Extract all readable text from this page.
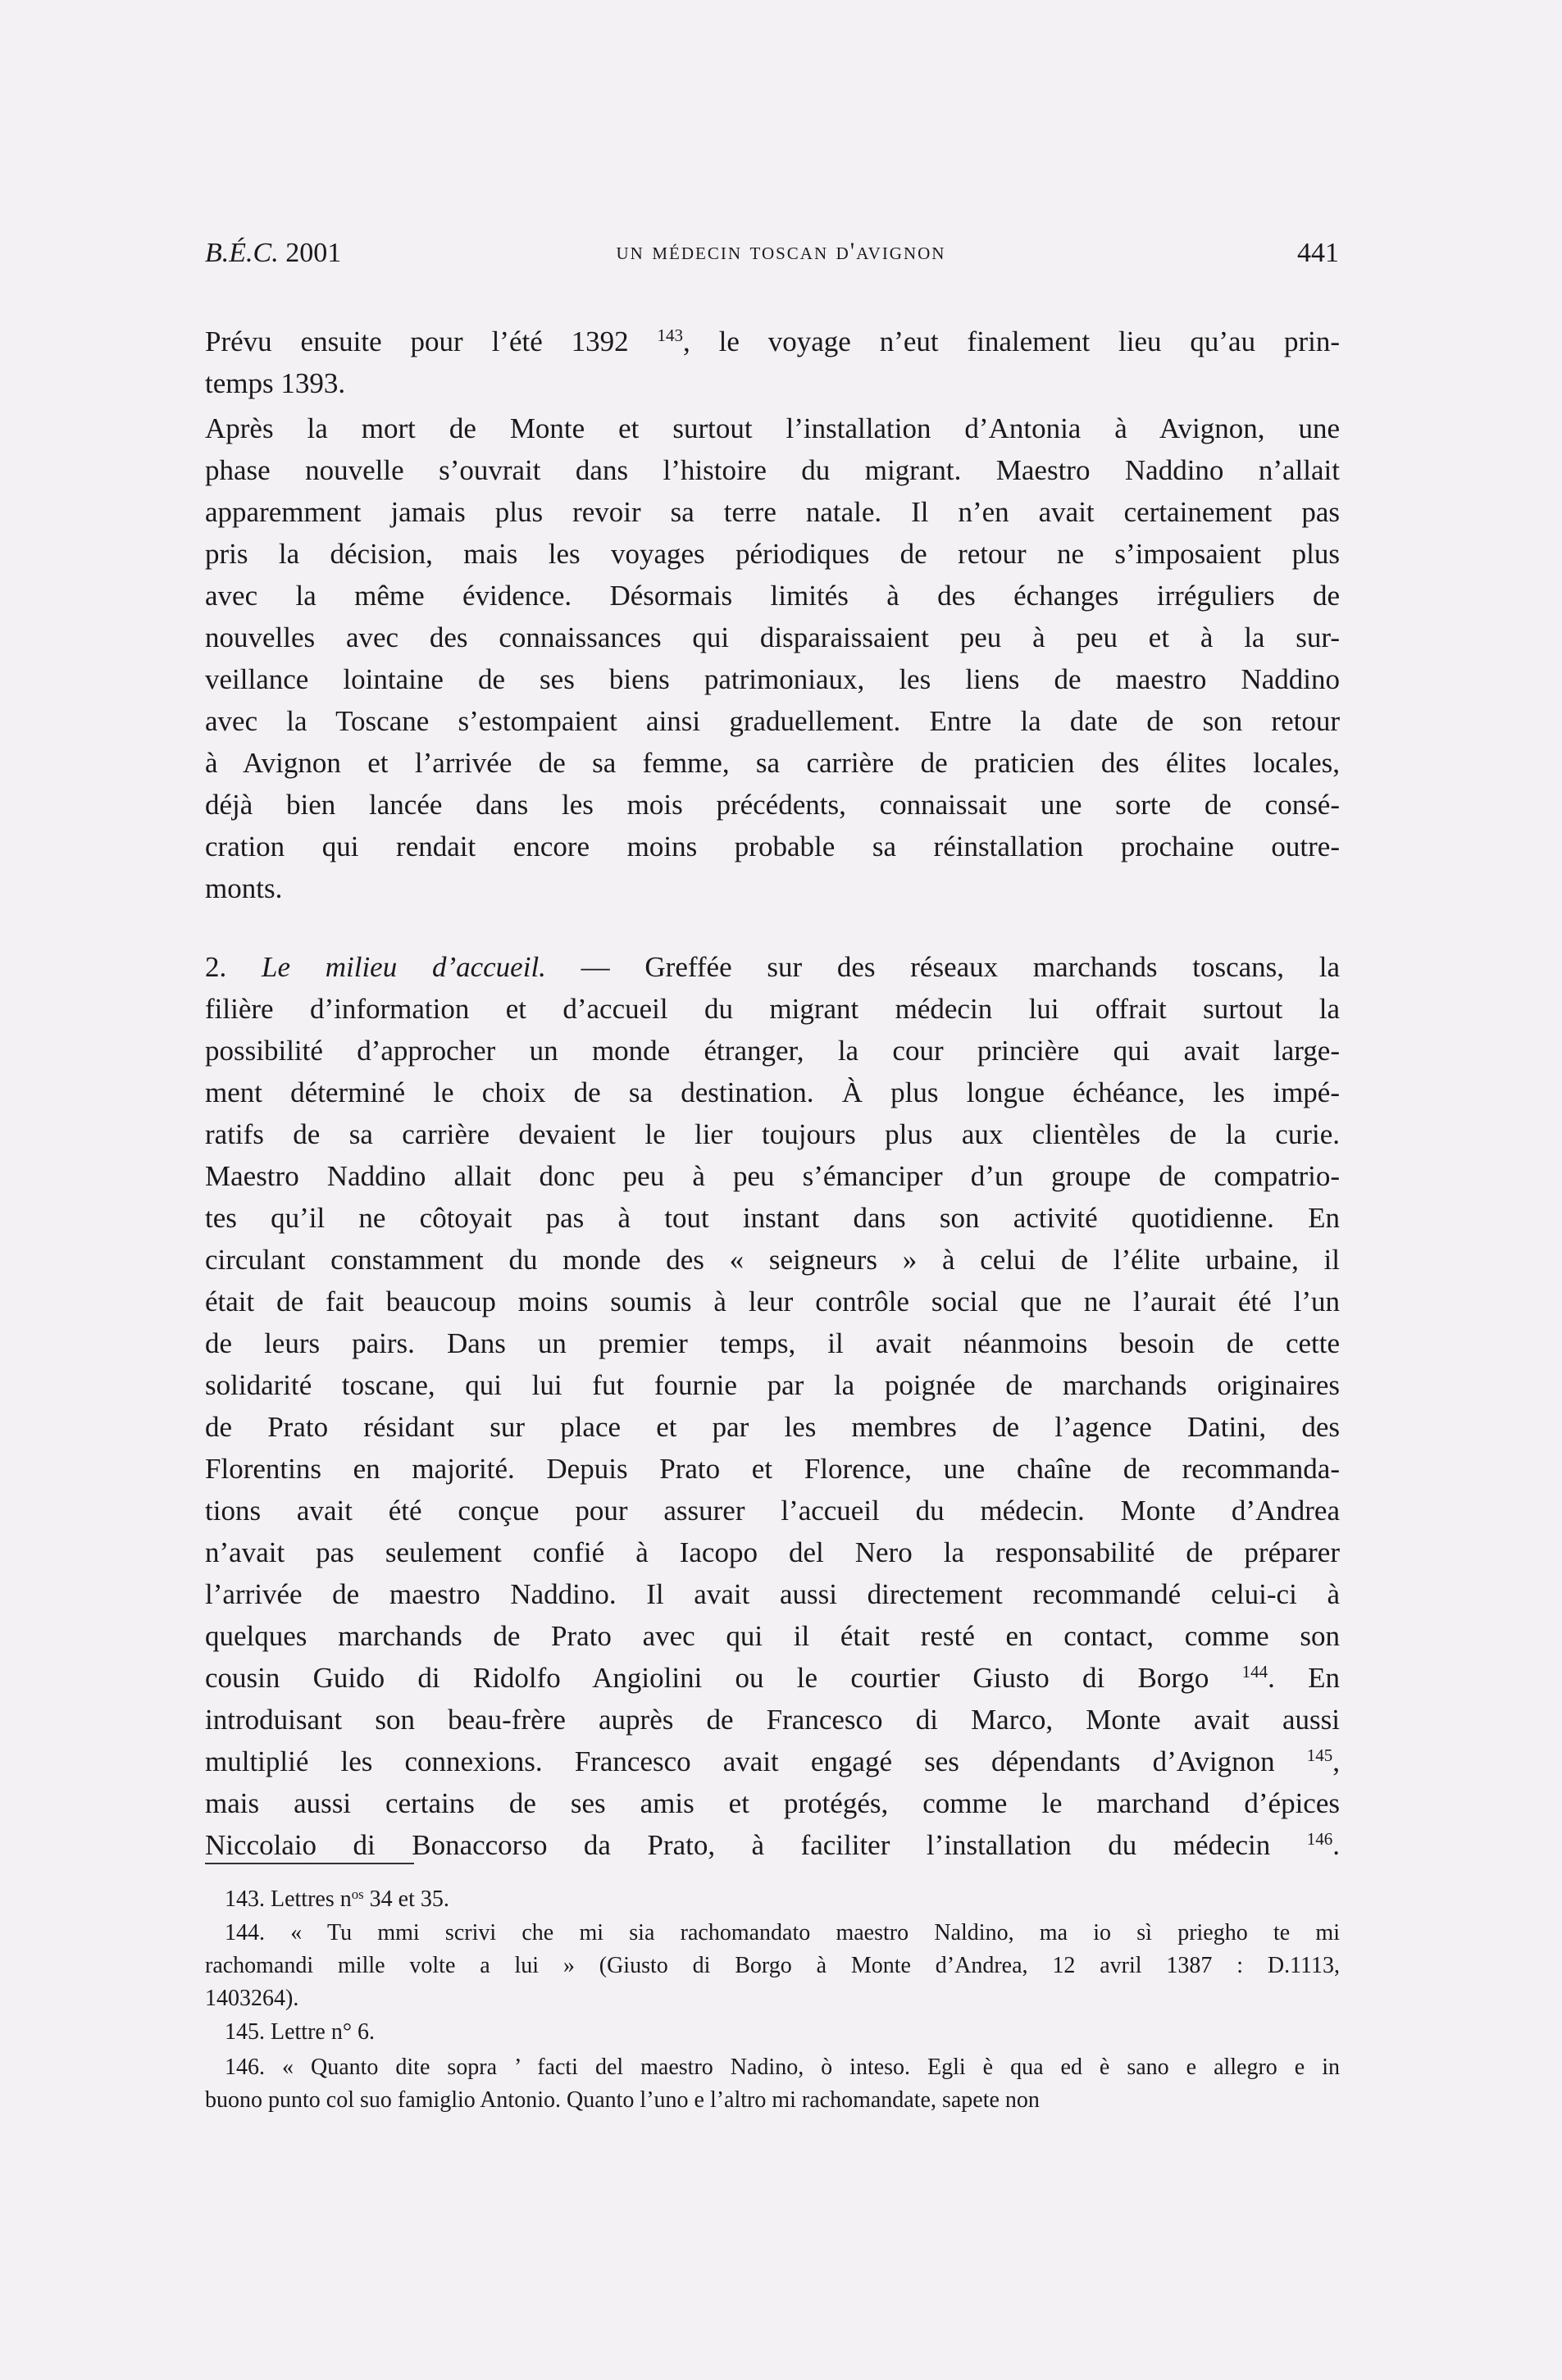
B.É.C. 2001	un médecin toscan d'avignon	441
Prévu ensuite pour l’été 1392 $^{143}$, le voyage n’eut finalement lieu qu’au prin-
temps 1393.
Après la mort de Monte et surtout l’installation d’Antonia à Avignon, une
phase nouvelle s’ouvrait dans l’histoire du migrant. Maestro Naddino n’allait
apparemment jamais plus revoir sa terre natale. Il n’en avait certainement pas
pris la décision, mais les voyages périodiques de retour ne s’imposaient plus
avec la même évidence. Désormais limités à des échanges irréguliers de
nouvelles avec des connaissances qui disparaissaient peu à peu et à la sur-
veillance lointaine de ses biens patrimoniaux, les liens de maestro Naddino
avec la Toscane s’estompaient ainsi graduellement. Entre la date de son retour
à Avignon et l’arrivée de sa femme, sa carrière de praticien des élites locales,
déjà bien lancée dans les mois précédents, connaissait une sorte de consé-
cration qui rendait encore moins probable sa réinstallation prochaine outre-
monts.
2. Le milieu d’accueil. — Greffée sur des réseaux marchands toscans, la
filière d’information et d’accueil du migrant médecin lui offrait surtout la
possibilité d’approcher un monde étranger, la cour princière qui avait large-
ment déterminé le choix de sa destination. À plus longue échéance, les impé-
ratifs de sa carrière devaient le lier toujours plus aux clientèles de la curie.
Maestro Naddino allait donc peu à peu s’émanciper d’un groupe de compatrio-
tes qu’il ne côtoyait pas à tout instant dans son activité quotidienne. En
circulant constamment du monde des « seigneurs » à celui de l’élite urbaine, il
était de fait beaucoup moins soumis à leur contrôle social que ne l’aurait été l’un
de leurs pairs. Dans un premier temps, il avait néanmoins besoin de cette
solidarité toscane, qui lui fut fournie par la poignée de marchands originaires
de Prato résidant sur place et par les membres de l’agence Datini, des
Florentins en majorité. Depuis Prato et Florence, une chaîne de recommanda-
tions avait été conçue pour assurer l’accueil du médecin. Monte d’Andrea
n’avait pas seulement confié à Iacopo del Nero la responsabilité de préparer
l’arrivée de maestro Naddino. Il avait aussi directement recommandé celui-ci à
quelques marchands de Prato avec qui il était resté en contact, comme son
cousin Guido di Ridolfo Angiolini ou le courtier Giusto di Borgo $^{144}$. En
introduisant son beau-frère auprès de Francesco di Marco, Monte avait aussi
multiplié les connexions. Francesco avait engagé ses dépendants d’Avignon $^{145}$,
mais aussi certains de ses amis et protégés, comme le marchand d’épices
Niccolaio di Bonaccorso da Prato, à faciliter l’installation du médecin $^{146}$.
143. Lettres $n^{os}$ 34 et 35.
144. « Tu mmi scrivi che mi sia rachomandato maestro Naldino, ma io sì prieghо te mi
rachomandi mille volte a lui » (Giusto di Borgo à Monte d’Andrea, 12 avril 1387 : D.1113,
1403264).
145. Lettre n° 6.
146. « Quanto dite sopra ’ facti del maestro Nadino, ò inteso. Egli è qua ed è sano e allegro e in
buono punto col suo famiglio Antonio. Quanto l’uno e l’altro mi rachomandate, sapete non
